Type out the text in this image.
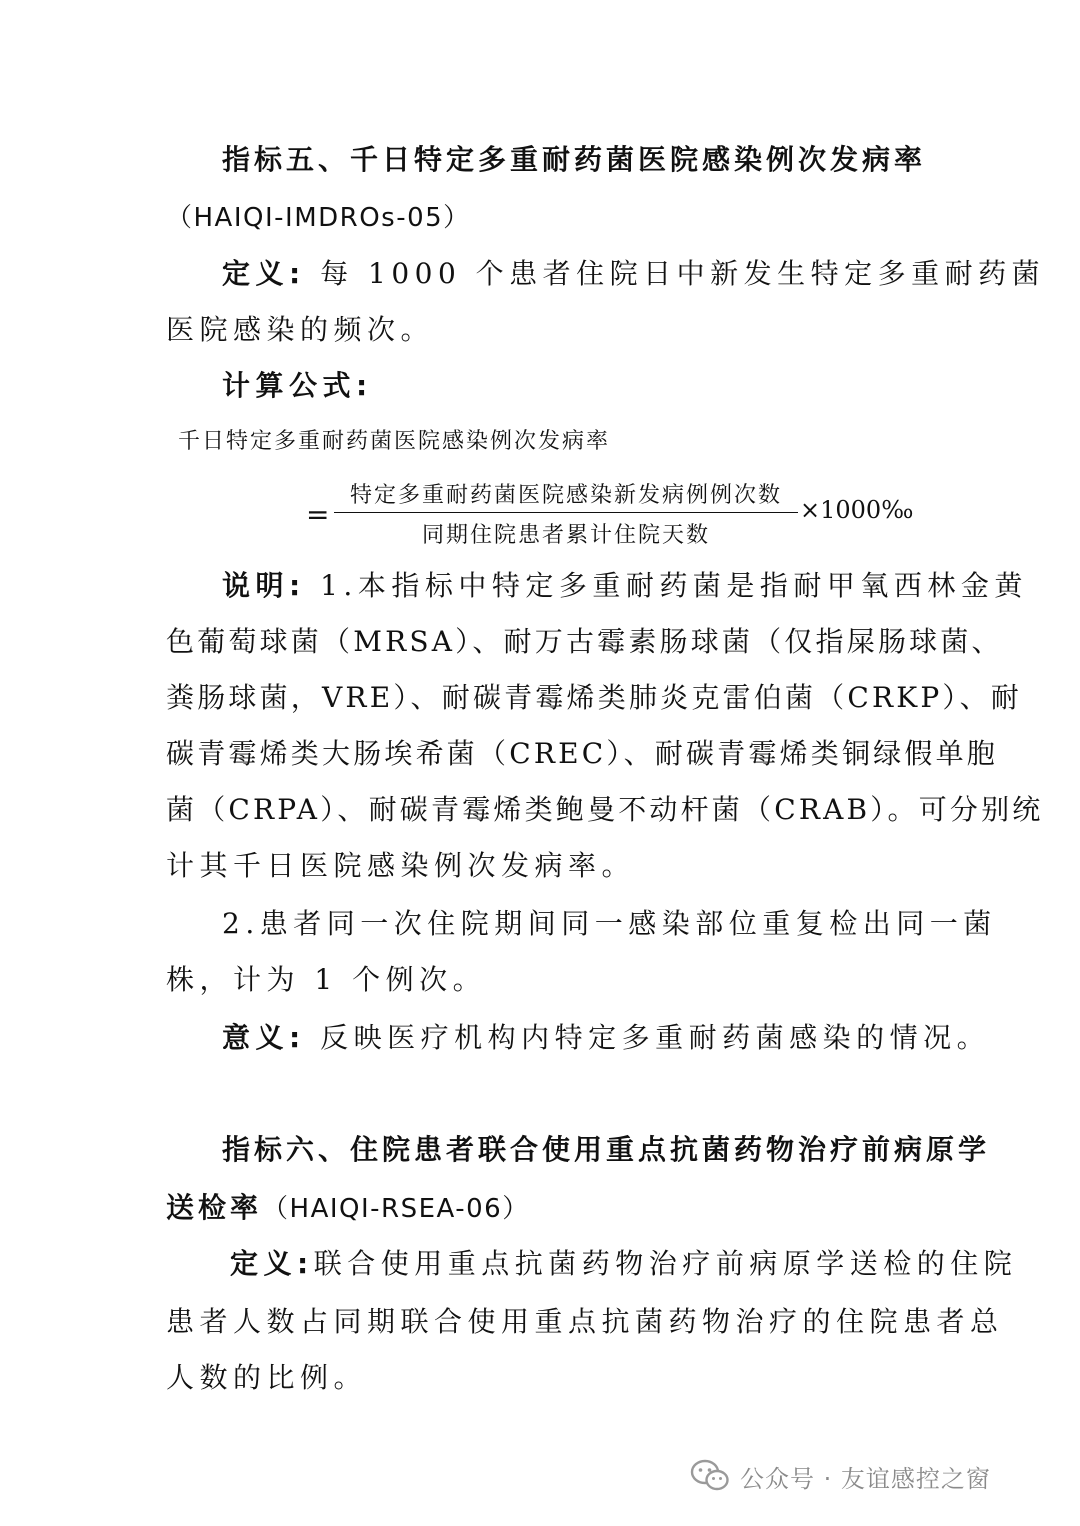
指标五、千日特定多重耐药菌医院感染例次发病率
（HAIQI-IMDROs-05）
定义: 每 1000 个患者住院日中新发生特定多重耐药菌
医院感染的频次。
计算公式:
千日特定多重耐药菌医院感染例次发病率
=
特定多重耐药菌医院感染新发病例例次数
同期住院患者累计住院天数
×1000‰
说明: 1.本指标中特定多重耐药菌是指耐甲氧西林金黄
色葡萄球菌（MRSA）、耐万古霉素肠球菌（仅指屎肠球菌、
粪肠球菌，VRE）、耐碳青霉烯类肺炎克雷伯菌（CRKP）、耐
碳青霉烯类大肠埃希菌（CREC）、耐碳青霉烯类铜绿假单胞
菌（CRPA）、耐碳青霉烯类鲍曼不动杆菌（CRAB）。可分别统
计其千日医院感染例次发病率。
2.患者同一次住院期间同一感染部位重复检出同一菌
株，计为 1 个例次。
意义: 反映医疗机构内特定多重耐药菌感染的情况。
指标六、住院患者联合使用重点抗菌药物治疗前病原学
送检率（HAIQI-RSEA-06）
定义:联合使用重点抗菌药物治疗前病原学送检的住院
患者人数占同期联合使用重点抗菌药物治疗的住院患者总
人数的比例。
公众号 · 友谊感控之窗
